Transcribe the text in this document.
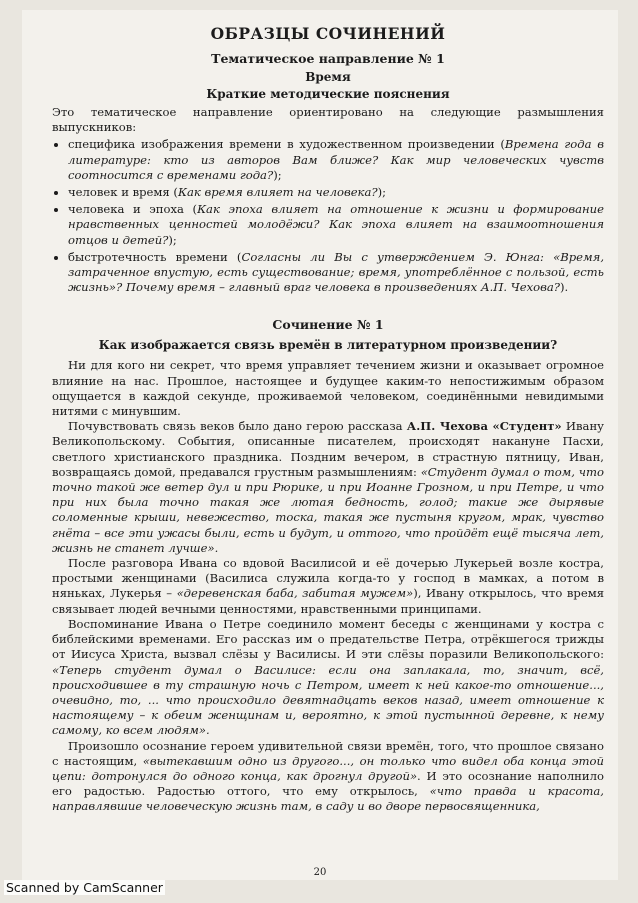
ОБРАЗЦЫ СОЧИНЕНИЙ
Тематическое направление № 1
Время
Краткие методические пояснения

Это тематическое направление ориентировано на следующие размышления выпускников:

• специфика изображения времени в художественном произведении (Времена года в литературе: кто из авторов Вам ближе? Как мир человеческих чувств соотносится с временами года?);
• человек и время (Как время влияет на человека?);
• человека и эпоха (Как эпоха влияет на отношение к жизни и формирование нравственных ценностей молодёжи? Как эпоха влияет на взаимоотношения отцов и детей?);
• быстротечность времени (Согласны ли Вы с утверждением Э. Юнга: «Время, затраченное впустую, есть существование; время, употреблённое с пользой, есть жизнь»? Почему время – главный враг человека в произведениях А.П. Чехова?).
Сочинение № 1
Как изображается связь времён в литературном произведении?

Ни для кого ни секрет, что время управляет течением жизни и оказывает огромное влияние на нас. Прошлое, настоящее и будущее каким-то непостижимым образом ощущается в каждой секунде, проживаемой человеком, соединёнными невидимыми нитями с минувшим.

Почувствовать связь веков было дано герою рассказа А.П. Чехова «Студент» Ивану Великопольскому. События, описанные писателем, происходят накануне Пасхи, светлого христианского праздника. Поздним вечером, в страстную пятницу, Иван, возвращаясь домой, предавался грустным размышлениям: «Студент думал о том, что точно такой же ветер дул и при Рюрике, и при Иоанне Грозном, и при Петре, и что при них была точно такая же лютая бедность, голод; такие же дырявые соломенные крыши, невежество, тоска, такая же пустыня кругом, мрак, чувство гнёта – все эти ужасы были, есть и будут, и оттого, что пройдёт ещё тысяча лет, жизнь не станет лучше».

После разговора Ивана со вдовой Василисой и её дочерью Лукерьей возле костра, простыми женщинами (Василиса служила когда-то у господ в мамках, а потом в няньках, Лукерья – «деревенская баба, забитая мужем»), Ивану открылось, что время связывает людей вечными ценностями, нравственными принципами.

Воспоминание Ивана о Петре соединило момент беседы с женщинами у костра с библейскими временами. Его рассказ им о предательстве Петра, отрёкшегося трижды от Иисуса Христа, вызвал слёзы у Василисы. И эти слёзы поразили Великопольского: «Теперь студент думал о Василисе: если она заплакала, то, значит, всё, происходившее в ту страшную ночь с Петром, имеет к ней какое-то отношение..., очевидно, то, ... что происходило девятнадцать веков назад, имеет отношение к настоящему – к обеим женщинам и, вероятно, к этой пустынной деревне, к нему самому, ко всем людям».

Произошло осознание героем удивительной связи времён, того, что прошлое связано с настоящим, «вытекавшим одно из другого..., он только что видел оба конца этой цепи: дотронулся до одного конца, как дрогнул другой». И это осознание наполнило его радостью. Радостью оттого, что ему открылось, «что правда и красота, направлявшие человеческую жизнь там, в саду и во дворе первосвященника,

20
Scanned by CamScanner
